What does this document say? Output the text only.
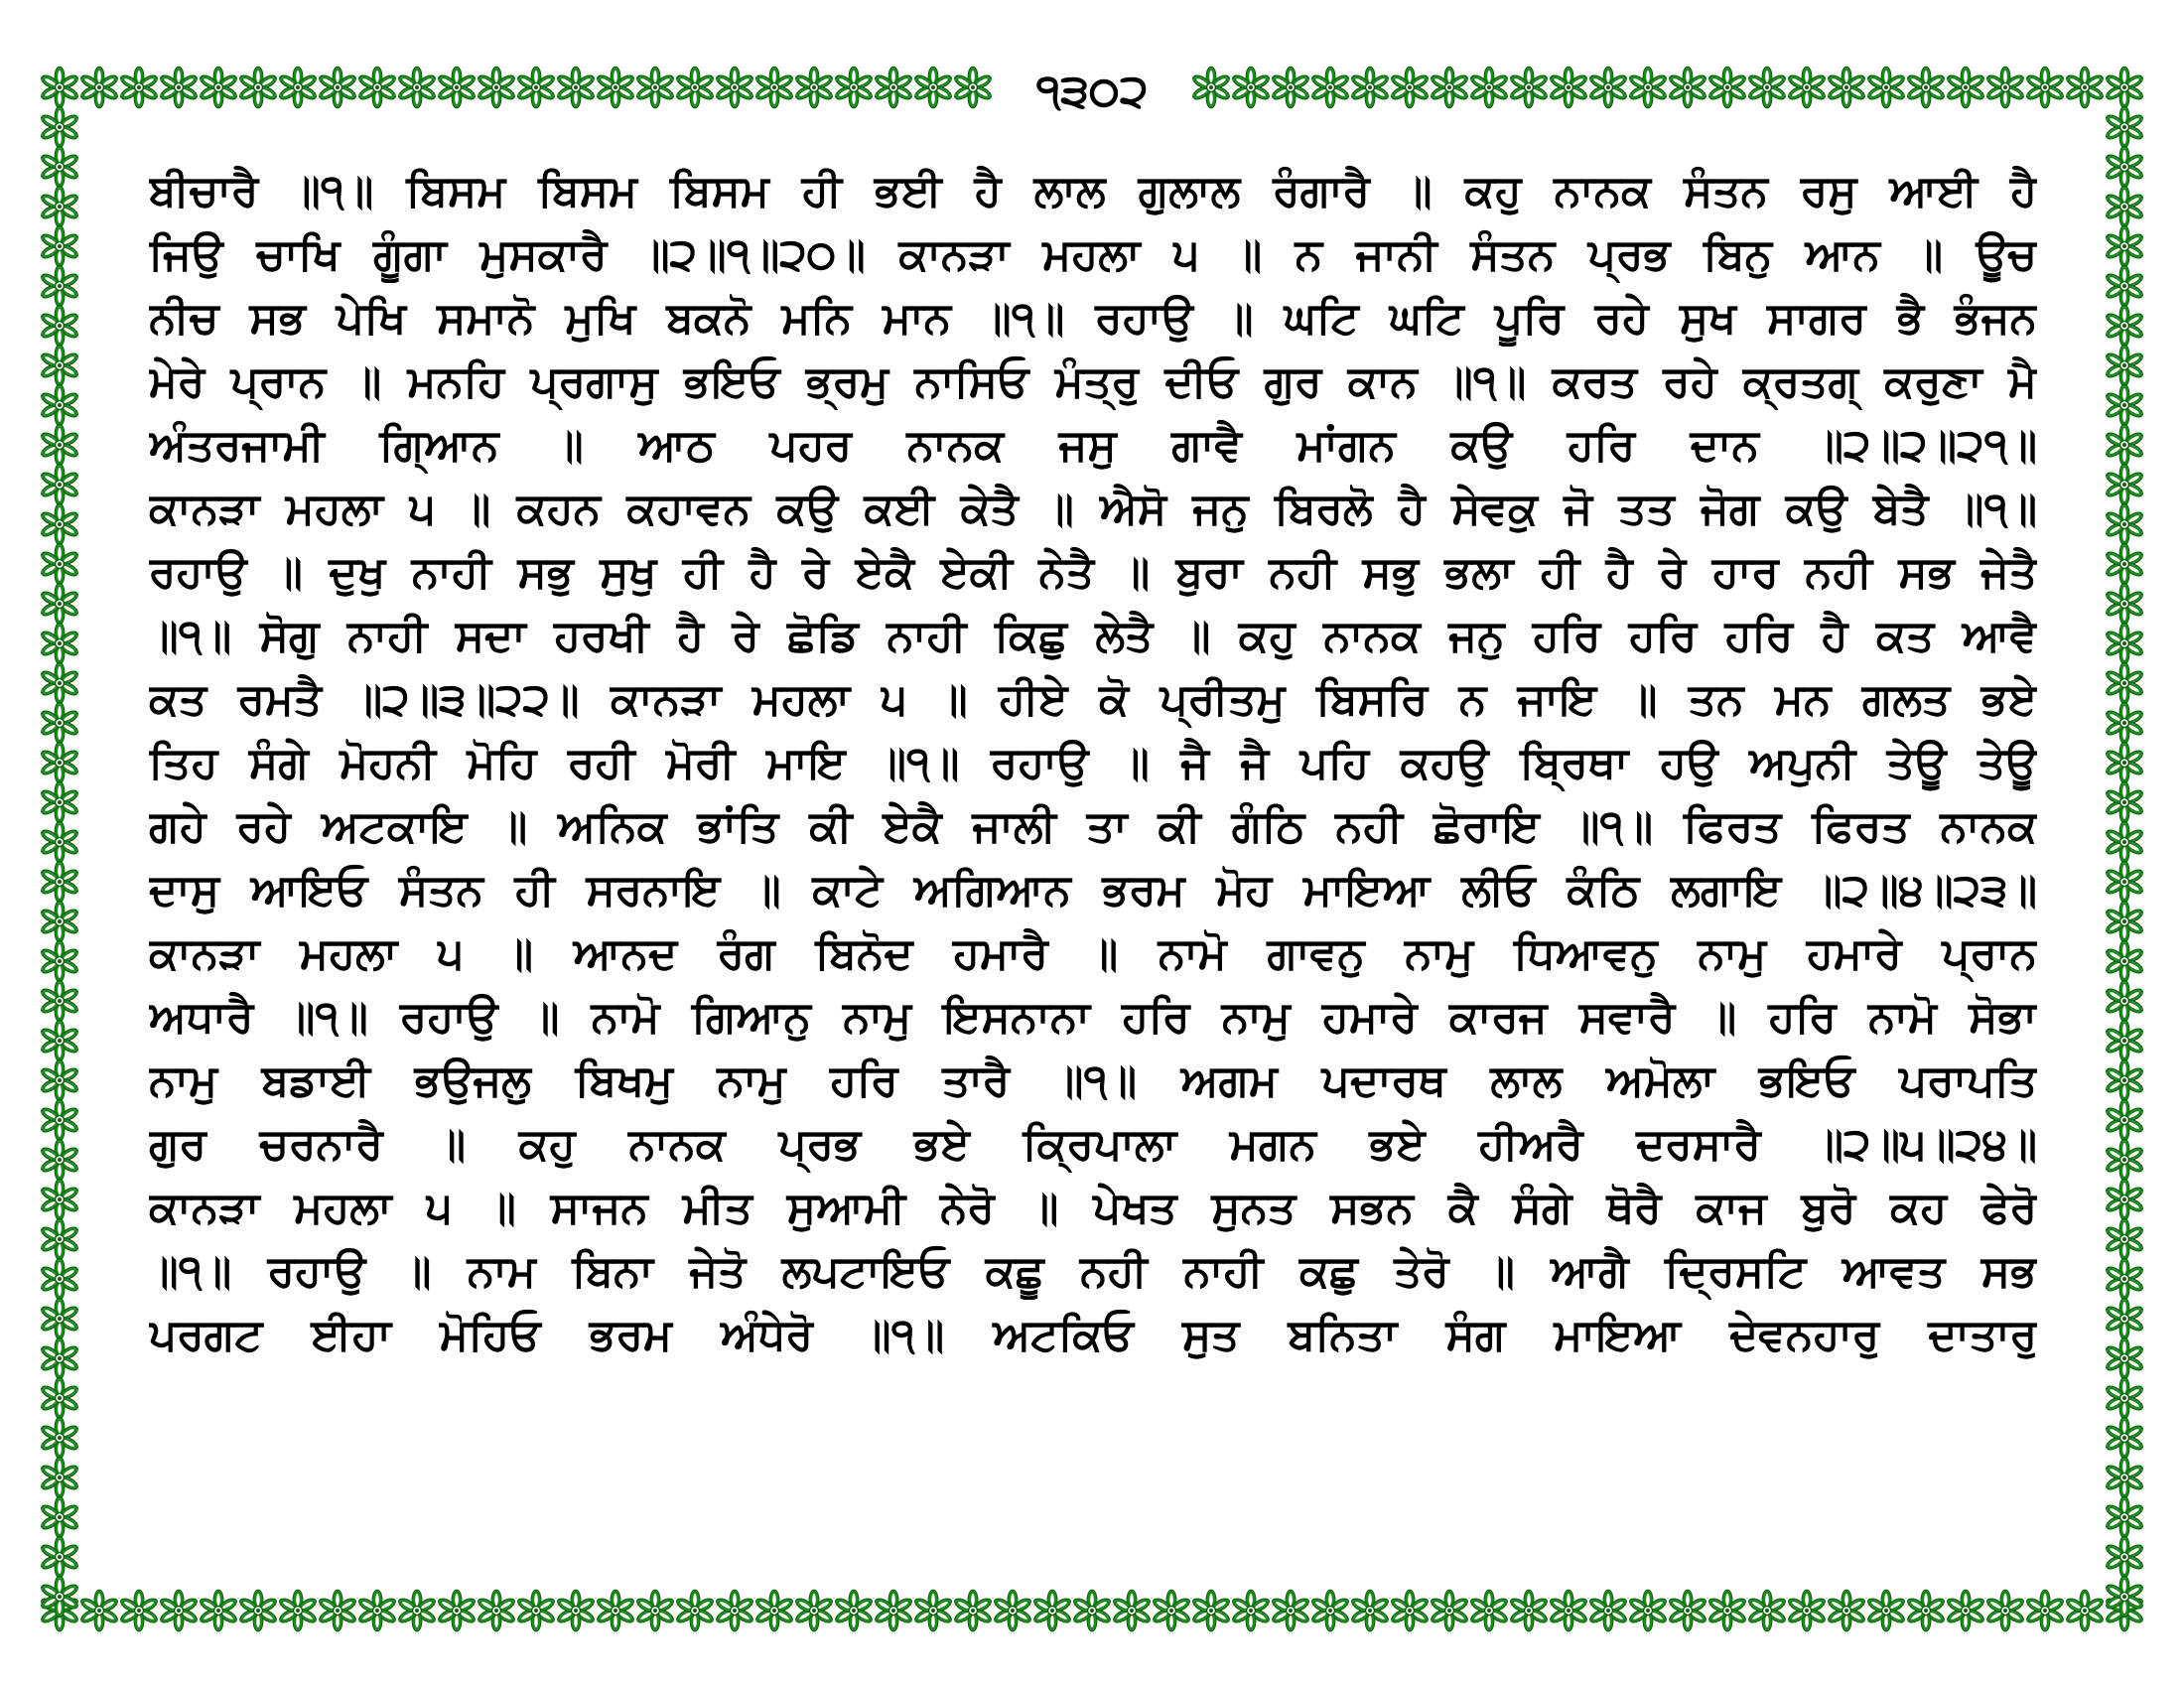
੧੩੦੨
ਬੀਚਾਰੈ ॥੧॥ ਬਿਸਮ ਬਿਸਮ ਬਿਸਮ ਹੀ ਭਈ ਹੈ ਲਾਲ ਗੁਲਾਲ ਰੰਗਾਰੈ ॥ ਕਹੁ ਨਾਨਕ ਸੰਤਨ ਰਸੁ ਆਈ ਹੈ
ਜਿਉ ਚਾਖਿ ਗੂੰਗਾ ਮੁਸਕਾਰੈ ॥੨॥੧॥੨੦॥ ਕਾਨੜਾ ਮਹਲਾ ੫ ॥ ਨ ਜਾਨੀ ਸੰਤਨ ਪ੍ਰਭ ਬਿਨੁ ਆਨ ॥ ਊਚ
ਨੀਚ ਸਭ ਪੇਖਿ ਸਮਾਨੋ ਮੁਖਿ ਬਕਨੋ ਮਨਿ ਮਾਨ ॥੧॥ ਰਹਾਉ ॥ ਘਟਿ ਘਟਿ ਪੂਰਿ ਰਹੇ ਸੁਖ ਸਾਗਰ ਭੈ ਭੰਜਨ
ਮੇਰੇ ਪ੍ਰਾਨ ॥ ਮਨਹਿ ਪ੍ਰਗਾਸੁ ਭਇਓ ਭ੍ਰਮੁ ਨਾਸਿਓ ਮੰਤ੍ਰੁ ਦੀਓ ਗੁਰ ਕਾਨ ॥੧॥ ਕਰਤ ਰਹੇ ਕ੍ਰਤਗ੍ ਕਰੁਣਾ ਮੈ
ਅੰਤਰਜਾਮੀ ਗਿ੍ਆਨ ॥ ਆਠ ਪਹਰ ਨਾਨਕ ਜਸੁ ਗਾਵੈ ਮਾਂਗਨ ਕਉ ਹਰਿ ਦਾਨ ॥੨॥੨॥੨੧॥
ਕਾਨੜਾ ਮਹਲਾ ੫ ॥ ਕਹਨ ਕਹਾਵਨ ਕਉ ਕਈ ਕੇਤੈ ॥ ਐਸੋ ਜਨੁ ਬਿਰਲੋ ਹੈ ਸੇਵਕੁ ਜੋ ਤਤ ਜੋਗ ਕਉ ਬੇਤੈ ॥੧॥
ਰਹਾਉ ॥ ਦੁਖੁ ਨਾਹੀ ਸਭੁ ਸੁਖੁ ਹੀ ਹੈ ਰੇ ਏਕੈ ਏਕੀ ਨੇਤੈ ॥ ਬੁਰਾ ਨਹੀ ਸਭੁ ਭਲਾ ਹੀ ਹੈ ਰੇ ਹਾਰ ਨਹੀ ਸਭ ਜੇਤੈ
॥੧॥ ਸੋਗੁ ਨਾਹੀ ਸਦਾ ਹਰਖੀ ਹੈ ਰੇ ਛੋਡਿ ਨਾਹੀ ਕਿਛੁ ਲੇਤੈ ॥ ਕਹੁ ਨਾਨਕ ਜਨੁ ਹਰਿ ਹਰਿ ਹਰਿ ਹੈ ਕਤ ਆਵੈ
ਕਤ ਰਮਤੈ ॥੨॥੩॥੨੨॥ ਕਾਨੜਾ ਮਹਲਾ ੫ ॥ ਹੀਏ ਕੋ ਪ੍ਰੀਤਮੁ ਬਿਸਰਿ ਨ ਜਾਇ ॥ ਤਨ ਮਨ ਗਲਤ ਭਏ
ਤਿਹ ਸੰਗੇ ਮੋਹਨੀ ਮੋਹਿ ਰਹੀ ਮੋਰੀ ਮਾਇ ॥੧॥ ਰਹਾਉ ॥ ਜੈ ਜੈ ਪਹਿ ਕਹਉ ਬ੍ਰਿਥਾ ਹਉ ਅਪੁਨੀ ਤੇਊ ਤੇਊ
ਗਹੇ ਰਹੇ ਅਟਕਾਇ ॥ ਅਨਿਕ ਭਾਂਤਿ ਕੀ ਏਕੈ ਜਾਲੀ ਤਾ ਕੀ ਗੰਠਿ ਨਹੀ ਛੋਰਾਇ ॥੧॥ ਫਿਰਤ ਫਿਰਤ ਨਾਨਕ
ਦਾਸੁ ਆਇਓ ਸੰਤਨ ਹੀ ਸਰਨਾਇ ॥ ਕਾਟੇ ਅਗਿਆਨ ਭਰਮ ਮੋਹ ਮਾਇਆ ਲੀਓ ਕੰਠਿ ਲਗਾਇ ॥੨॥੪॥੨੩॥
ਕਾਨੜਾ ਮਹਲਾ ੫ ॥ ਆਨਦ ਰੰਗ ਬਿਨੋਦ ਹਮਾਰੈ ॥ ਨਾਮੋ ਗਾਵਨੁ ਨਾਮੁ ਧਿਆਵਨੁ ਨਾਮੁ ਹਮਾਰੇ ਪ੍ਰਾਨ
ਅਧਾਰੈ ॥੧॥ ਰਹਾਉ ॥ ਨਾਮੋ ਗਿਆਨੁ ਨਾਮੁ ਇਸਨਾਨਾ ਹਰਿ ਨਾਮੁ ਹਮਾਰੇ ਕਾਰਜ ਸਵਾਰੈ ॥ ਹਰਿ ਨਾਮੋ ਸੋਭਾ
ਨਾਮੁ ਬਡਾਈ ਭਉਜਲੁ ਬਿਖਮੁ ਨਾਮੁ ਹਰਿ ਤਾਰੈ ॥੧॥ ਅਗਮ ਪਦਾਰਥ ਲਾਲ ਅਮੋਲਾ ਭਇਓ ਪਰਾਪਤਿ
ਗੁਰ ਚਰਨਾਰੈ ॥ ਕਹੁ ਨਾਨਕ ਪ੍ਰਭ ਭਏ ਕ੍ਰਿਪਾਲਾ ਮਗਨ ਭਏ ਹੀਅਰੈ ਦਰਸਾਰੈ ॥੨॥੫॥੨੪॥
ਕਾਨੜਾ ਮਹਲਾ ੫ ॥ ਸਾਜਨ ਮੀਤ ਸੁਆਮੀ ਨੇਰੋ ॥ ਪੇਖਤ ਸੁਨਤ ਸਭਨ ਕੈ ਸੰਗੇ ਥੋਰੈ ਕਾਜ ਬੁਰੋ ਕਹ ਫੇਰੋ
॥੧॥ ਰਹਾਉ ॥ ਨਾਮ ਬਿਨਾ ਜੇਤੋ ਲਪਟਾਇਓ ਕਛੂ ਨਹੀ ਨਾਹੀ ਕਛੁ ਤੇਰੋ ॥ ਆਗੈ ਦ੍ਰਿਸਟਿ ਆਵਤ ਸਭ
ਪਰਗਟ ਈਹਾ ਮੋਹਿਓ ਭਰਮ ਅੰਧੇਰੋ ॥੧॥ ਅਟਕਿਓ ਸੁਤ ਬਨਿਤਾ ਸੰਗ ਮਾਇਆ ਦੇਵਨਹਾਰੁ ਦਾਤਾਰੁ
